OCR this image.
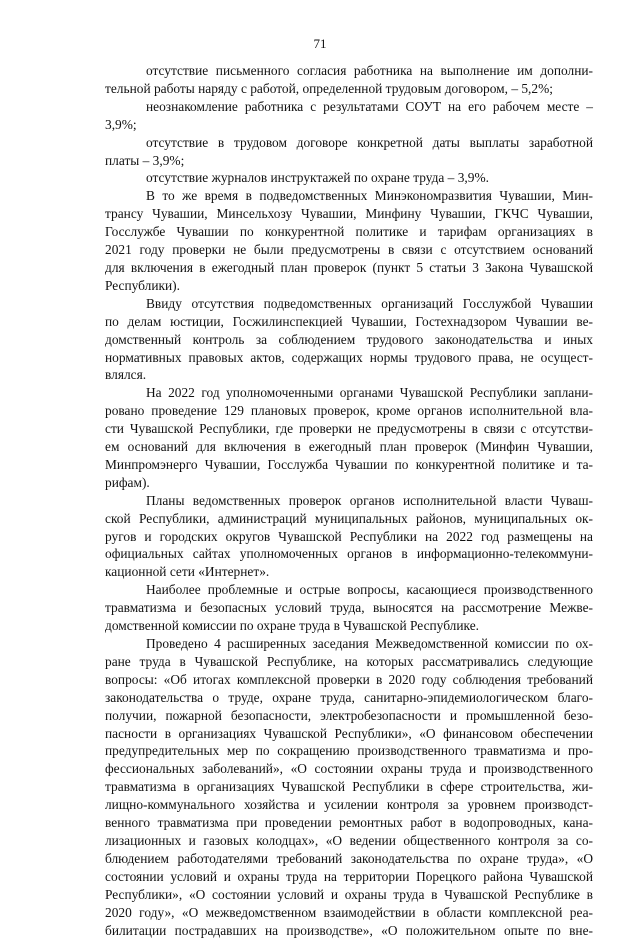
71
отсутствие письменного согласия работника на выполнение им дополни-
тельной работы наряду с работой, определенной трудовым договором, – 5,2%;
неознакомление работника с результатами СОУТ на его рабочем месте –
3,9%;
отсутствие в трудовом договоре конкретной даты выплаты заработной
платы – 3,9%;
отсутствие журналов инструктажей по охране труда – 3,9%.
В то же время в подведомственных Минэкономразвития Чувашии, Мин-
трансу Чувашии, Минсельхозу Чувашии, Минфину Чувашии, ГКЧС Чувашии,
Госслужбе Чувашии по конкурентной политике и тарифам организациях в
2021 году проверки не были предусмотрены в связи с отсутствием оснований
для включения в ежегодный план проверок (пункт 5 статьи 3 Закона Чувашской
Республики).
Ввиду отсутствия подведомственных организаций Госслужбой Чувашии
по делам юстиции, Госжилинспекцией Чувашии, Гостехнадзором Чувашии ве-
домственный контроль за соблюдением трудового законодательства и иных
нормативных правовых актов, содержащих нормы трудового права, не осущест-
влялся.
На 2022 год уполномоченными органами Чувашской Республики заплани-
ровано проведение 129 плановых проверок, кроме органов исполнительной вла-
сти Чувашской Республики, где проверки не предусмотрены в связи с отсутстви-
ем оснований для включения в ежегодный план проверок (Минфин Чувашии,
Минпромэнерго Чувашии, Госслужба Чувашии по конкурентной политике и та-
рифам).
Планы ведомственных проверок органов исполнительной власти Чуваш-
ской Республики, администраций муниципальных районов, муниципальных ок-
ругов и городских округов Чувашской Республики на 2022 год размещены на
официальных сайтах уполномоченных органов в информационно-телекоммуни-
кационной сети «Интернет».
Наиболее проблемные и острые вопросы, касающиеся производственного
травматизма и безопасных условий труда, выносятся на рассмотрение Межве-
домственной комиссии по охране труда в Чувашской Республике.
Проведено 4 расширенных заседания Межведомственной комиссии по ох-
ране труда в Чувашской Республике, на которых рассматривались следующие
вопросы: «Об итогах комплексной проверки в 2020 году соблюдения требований
законодательства о труде, охране труда, санитарно-эпидемиологическом благо-
получии, пожарной безопасности, электробезопасности и промышленной безо-
пасности в организациях Чувашской Республики», «О финансовом обеспечении
предупредительных мер по сокращению производственного травматизма и про-
фессиональных заболеваний», «О состоянии охраны труда и производственного
травматизма в организациях Чувашской Республики в сфере строительства, жи-
лищно-коммунального хозяйства и усилении контроля за уровнем производст-
венного травматизма при проведении ремонтных работ в водопроводных, кана-
лизационных и газовых колодцах», «О ведении общественного контроля за со-
блюдением работодателями требований законодательства по охране труда», «О
состоянии условий и охраны труда на территории Порецкого района Чувашской
Республики», «О состоянии условий и охраны труда в Чувашской Республике в
2020 году», «О межведомственном взаимодействии в области комплексной реа-
билитации пострадавших на производстве», «О положительном опыте по вне-
